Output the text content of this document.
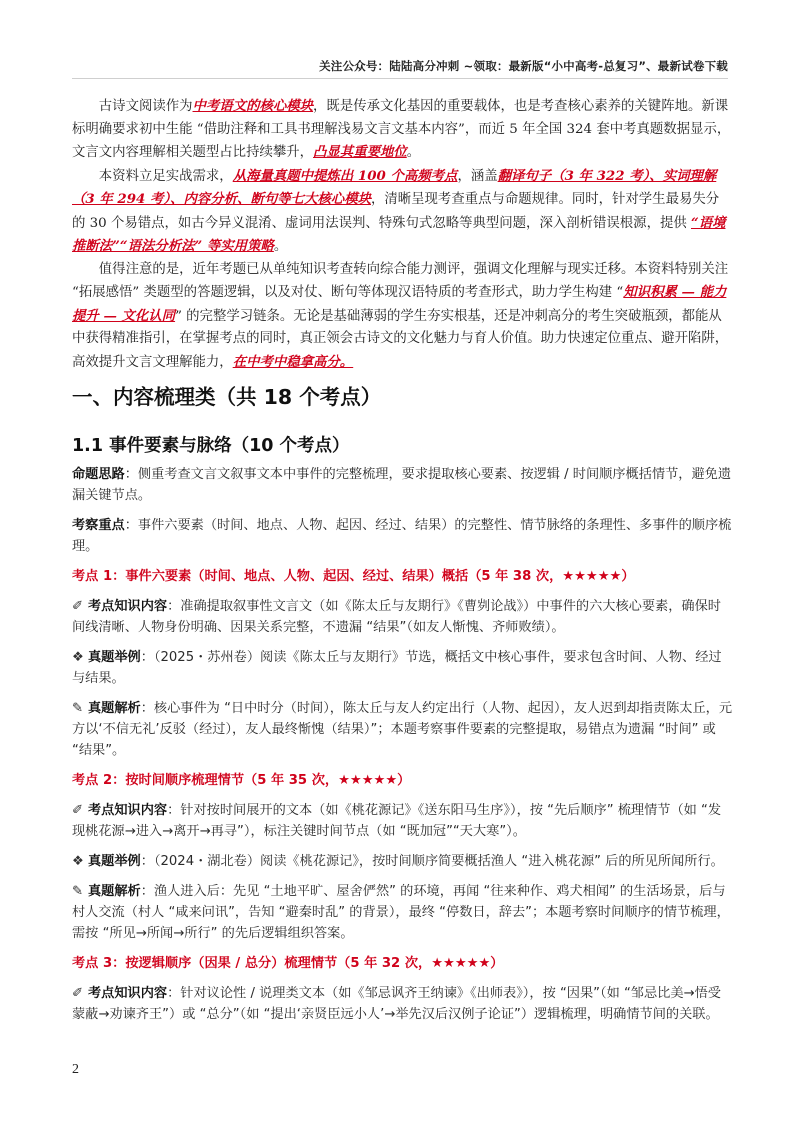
关注公众号：陆陆高分冲刺 ~领取：最新版“小中高考-总复习”、最新试卷下载

古诗文阅读作为中考语文的核心模块，既是传承文化基因的重要载体，也是考查核心素养的关键阵地。新课标明确要求初中生能 “借助注释和工具书理解浅易文言文基本内容”，而近 5 年全国 324 套中考真题数据显示，文言文内容理解相关题型占比持续攀升，凸显其重要地位。

本资料立足实战需求，从海量真题中提炼出 100 个高频考点，涵盖翻译句子（3 年 322 考）、实词理解（3 年 294 考）、内容分析、断句等七大核心模块，清晰呈现考查重点与命题规律。同时，针对学生最易失分的 30 个易错点，如古今异义混淆、虚词用法误判、特殊句式忽略等典型问题，深入剖析错误根源，提供 “语境推断法”“语法分析法” 等实用策略。

值得注意的是，近年考题已从单纯知识考查转向综合能力测评，强调文化理解与现实迁移。本资料特别关注 “拓展感悟” 类题型的答题逻辑，以及对仗、断句等体现汉语特质的考查形式，助力学生构建 “知识积累 — 能力提升 — 文化认同” 的完整学习链条。无论是基础薄弱的学生夯实根基，还是冲刺高分的考生突破瓶颈，都能从中获得精准指引，在掌握考点的同时，真正领会古诗文的文化魅力与育人价值。助力快速定位重点、避开陷阱，高效提升文言文理解能力，在中考中稳拿高分。

一、内容梳理类（共 18 个考点）
1.1 事件要素与脉络（10 个考点）
命题思路：侧重考查文言文叙事文本中事件的完整梳理，要求提取核心要素、按逻辑 / 时间顺序概括情节，避免遗漏关键节点。
考察重点：事件六要素（时间、地点、人物、起因、经过、结果）的完整性、情节脉络的条理性、多事件的顺序梳理。
考点 1：事件六要素（时间、地点、人物、起因、经过、结果）概括（5 年 38 次，★★★★★）
✐ 考点知识内容：准确提取叙事性文言文（如《陈太丘与友期行》《曹刿论战》）中事件的六大核心要素，确保时间线清晰、人物身份明确、因果关系完整，不遗漏 “结果”（如友人惭愧、齐师败绩）。
❖ 真题举例：（2025・苏州卷）阅读《陈太丘与友期行》节选，概括文中核心事件，要求包含时间、人物、经过与结果。
✎ 真题解析：核心事件为 “日中时分（时间），陈太丘与友人约定出行（人物、起因），友人迟到却指责陈太丘，元方以‘不信无礼’反驳（经过），友人最终惭愧（结果）”；本题考察事件要素的完整提取，易错点为遗漏 “时间” 或 “结果”。
考点 2：按时间顺序梳理情节（5 年 35 次，★★★★★）
✐ 考点知识内容：针对按时间展开的文本（如《桃花源记》《送东阳马生序》），按 “先后顺序” 梳理情节（如 “发现桃花源→进入→离开→再寻”），标注关键时间节点（如 “既加冠”“天大寒”）。
❖ 真题举例：（2024・湖北卷）阅读《桃花源记》，按时间顺序简要概括渔人 “进入桃花源” 后的所见所闻所行。
✎ 真题解析：渔人进入后：先见 “土地平旷、屋舍俨然” 的环境，再闻 “往来种作、鸡犬相闻” 的生活场景，后与村人交流（村人 “咸来问讯”，告知 “避秦时乱” 的背景），最终 “停数日，辞去”；本题考察时间顺序的情节梳理，需按 “所见→所闻→所行” 的先后逻辑组织答案。
考点 3：按逻辑顺序（因果 / 总分）梳理情节（5 年 32 次，★★★★★）
✐ 考点知识内容：针对议论性 / 说理类文本（如《邹忌讽齐王纳谏》《出师表》），按 “因果”（如 “邹忌比美→悟受蒙蔽→劝谏齐王”）或 “总分”（如 “提出‘亲贤臣远小人’→举先汉后汉例子论证”）逻辑梳理，明确情节间的关联。
2
